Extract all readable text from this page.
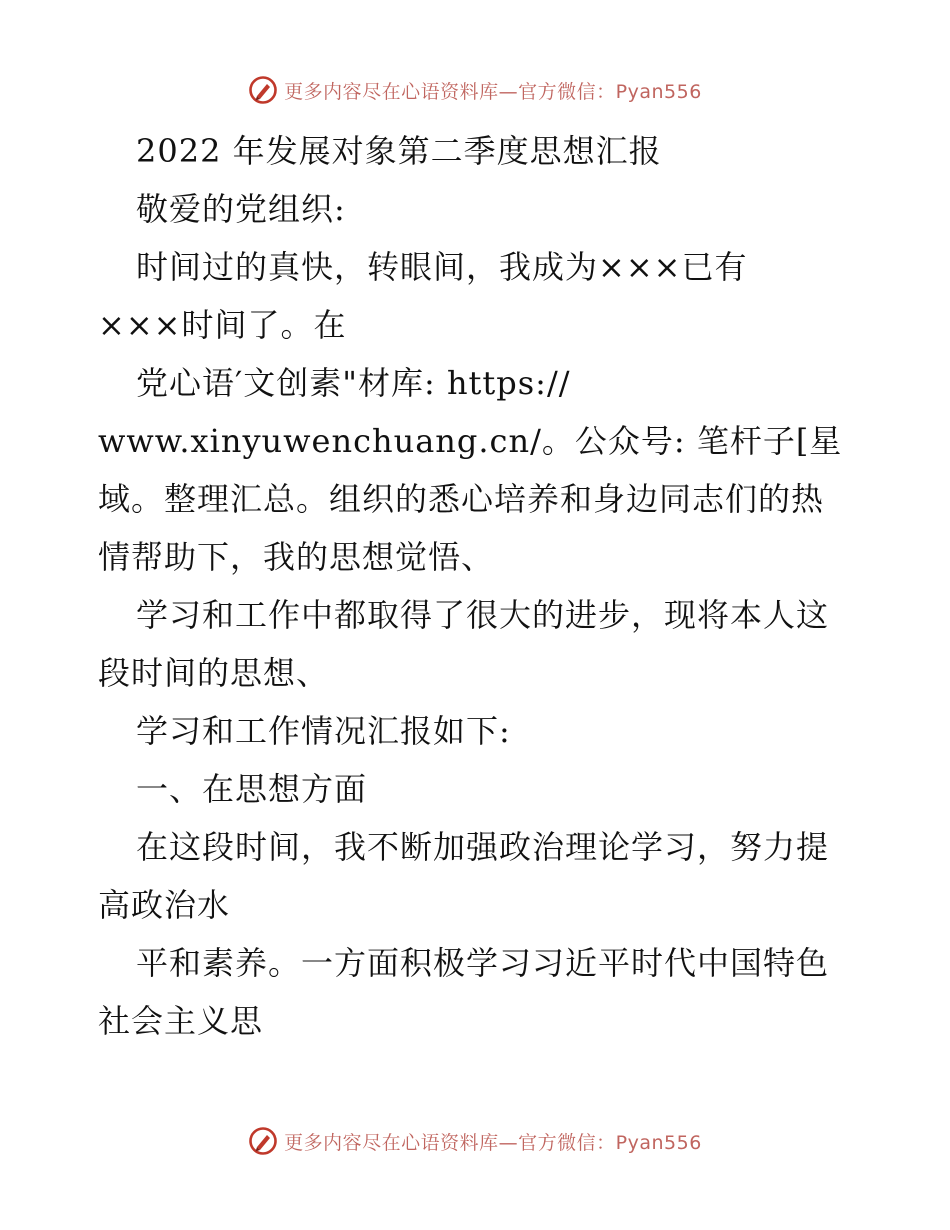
更多内容尽在心语资料库—官方微信：Pyan556
2022 年发展对象第二季度思想汇报
敬爱的党组织:
时间过的真快，转眼间，我成为×××已有
×××时间了。在
党心语′文创素"材库: https://
www.xinyuwenchuang.cn/。公众号: 笔杆子[星
域。整理汇总。组织的悉心培养和身边同志们的热
情帮助下，我的思想觉悟、
学习和工作中都取得了很大的进步，现将本人这
段时间的思想、
学习和工作情况汇报如下:
一、在思想方面
在这段时间，我不断加强政治理论学习，努力提
高政治水
平和素养。一方面积极学习习近平时代中国特色
社会主义思
更多内容尽在心语资料库—官方微信：Pyan556
